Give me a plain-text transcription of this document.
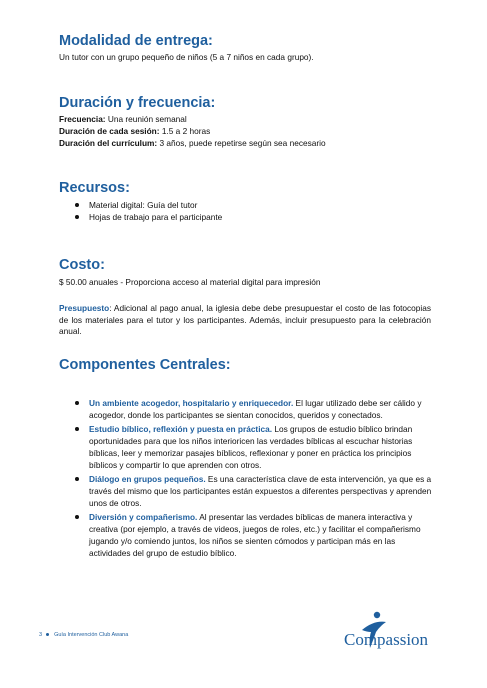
Modalidad de entrega:

Un tutor con un grupo pequeño de niños (5 a 7 niños en cada grupo).

Duración y frecuencia:

Frecuencia: Una reunión semanal

Duración de cada sesión: 1.5 a 2 horas

Duración del currículum: 3 años, puede repetirse según sea necesario

Recursos:
Material digital: Guía del tutor
Hojas de trabajo para el participante
Costo:

$ 50.00 anuales - Proporciona acceso al material digital para impresión

Presupuesto: Adicional al pago anual, la iglesia debe debe presupuestar el costo de las fotocopias de los materiales para el tutor y los participantes. Además, incluir presupuesto para la celebración anual.

Componentes Centrales:
Un ambiente acogedor, hospitalario y enriquecedor. El lugar utilizado debe ser cálido y acogedor, donde los participantes se sientan conocidos, queridos y conectados.
Estudio bíblico, reflexión y puesta en práctica. Los grupos de estudio bíblico brindan oportunidades para que los niños interioricen las verdades bíblicas al escuchar historias bíblicas, leer y memorizar pasajes bíblicos, reflexionar y poner en práctica los principios bíblicos y compartir lo que aprenden con otros.
Diálogo en grupos pequeños. Es una característica clave de esta intervención, ya que es a través del mismo que los participantes están expuestos a diferentes perspectivas y aprenden unos de otros.
Diversión y compañerismo. Al presentar las verdades bíblicas de manera interactiva y creativa (por ejemplo, a través de videos, juegos de roles, etc.) y facilitar el compañerismo jugando y/o comiendo juntos, los niños se sienten cómodos y participan más en las actividades del grupo de estudio bíblico.
3 Guía Intervención Club Awana	Compassion
